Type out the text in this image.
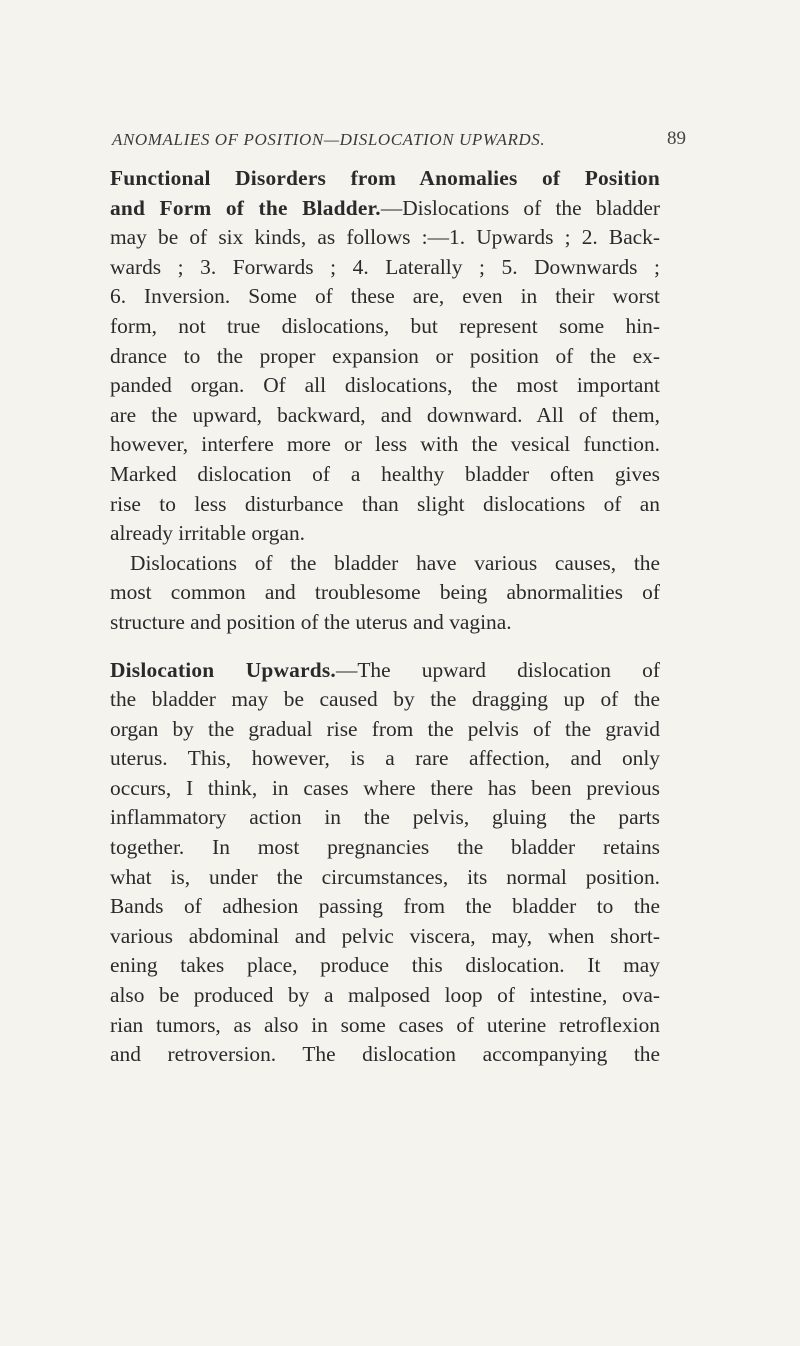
ANOMALIES OF POSITION—DISLOCATION UPWARDS.	89
Functional Disorders from Anomalies of Position
and Form of the Bladder.—Dislocations of the bladder
may be of six kinds, as follows :—1. Upwards ; 2. Back-
wards ; 3. Forwards ; 4. Laterally ; 5. Downwards ;
6. Inversion. Some of these are, even in their worst
form, not true dislocations, but represent some hin-
drance to the proper expansion or position of the ex-
panded organ. Of all dislocations, the most important
are the upward, backward, and downward. All of them,
however, interfere more or less with the vesical function.
Marked dislocation of a healthy bladder often gives
rise to less disturbance than slight dislocations of an
already irritable organ.
Dislocations of the bladder have various causes, the
most common and troublesome being abnormalities of
structure and position of the uterus and vagina.
Dislocation Upwards.—The upward dislocation of
the bladder may be caused by the dragging up of the
organ by the gradual rise from the pelvis of the gravid
uterus. This, however, is a rare affection, and only
occurs, I think, in cases where there has been previous
inflammatory action in the pelvis, gluing the parts
together. In most pregnancies the bladder retains
what is, under the circumstances, its normal position.
Bands of adhesion passing from the bladder to the
various abdominal and pelvic viscera, may, when short-
ening takes place, produce this dislocation. It may
also be produced by a malposed loop of intestine, ova-
rian tumors, as also in some cases of uterine retroflexion
and retroversion. The dislocation accompanying the
